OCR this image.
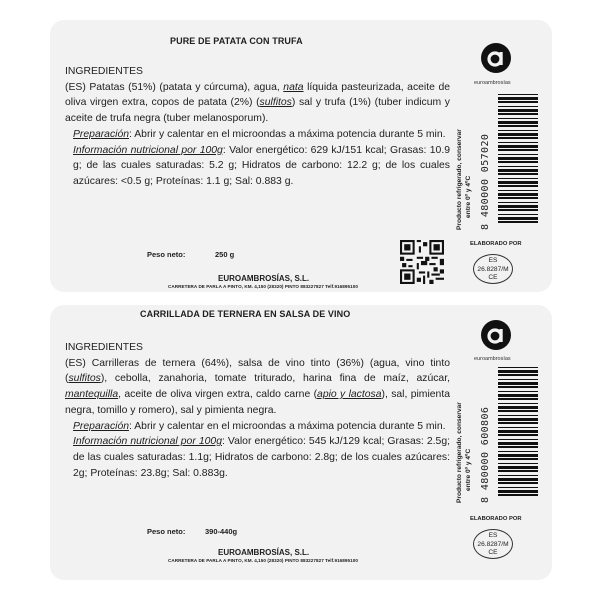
PURE DE PATATA CON TRUFA

INGREDIENTES

(ES) Patatas (51%) (patata y cúrcuma), agua, nata líquida pasteurizada, aceite de oliva virgen extra, copos de patata (2%) (sulfitos) sal y trufa (1%) (tuber indicum y aceite de trufa negra (tuber melanosporum).

Preparación: Abrir y calentar en el microondas a máxima potencia durante 5 min.

Información nutricional por 100g: Valor energético: 629 kJ/151 kcal; Grasas: 10.9 g; de las cuales saturadas: 5.2 g; Hidratos de carbono: 12.2 g; de los cuales azúcares: <0.5 g; Proteínas: 1.1 g; Sal: 0.883 g.

Peso neto:	250 g
EUROAMBROSÍAS, S.L.
CARRETERA DE PARLA A PINTO, KM. 4,150 (28320) PINTO 883227827 Telf.916895100
euroambrosías
Producto refrigerado, conservar entre 0º y 4ºC 8 480000 057020
ELABORADO POR
ES
26.8287/M
CE
CARRILLADA DE TERNERA EN SALSA DE VINO

INGREDIENTES

(ES) Carrilleras de ternera (64%), salsa de vino tinto (36%) (agua, vino tinto (sulfitos), cebolla, zanahoria, tomate triturado, harina fina de maíz, azúcar, mantequilla, aceite de oliva virgen extra, caldo carne (apio y lactosa), sal, pimienta negra, tomillo y romero), sal y pimienta negra.

Preparación: Abrir y calentar en el microondas a máxima potencia durante 5 min.

Información nutricional por 100g: Valor energético: 545 kJ/129 kcal; Grasas: 2.5g; de las cuales saturadas: 1.1g; Hidratos de carbono: 2.8g; de los cuales azúcares: 2g; Proteínas: 23.8g; Sal: 0.883g.

Peso neto:	390-440g
EUROAMBROSÍAS, S.L.
CARRETERA DE PARLA A PINTO, KM. 4,150 (28320) PINTO 883227827 Telf.916895100
euroambrosías
Producto refrigerado, conservar entre 0º y 4ºC 8 480000 600806
ELABORADO POR
ES
26.8287/M
CE
